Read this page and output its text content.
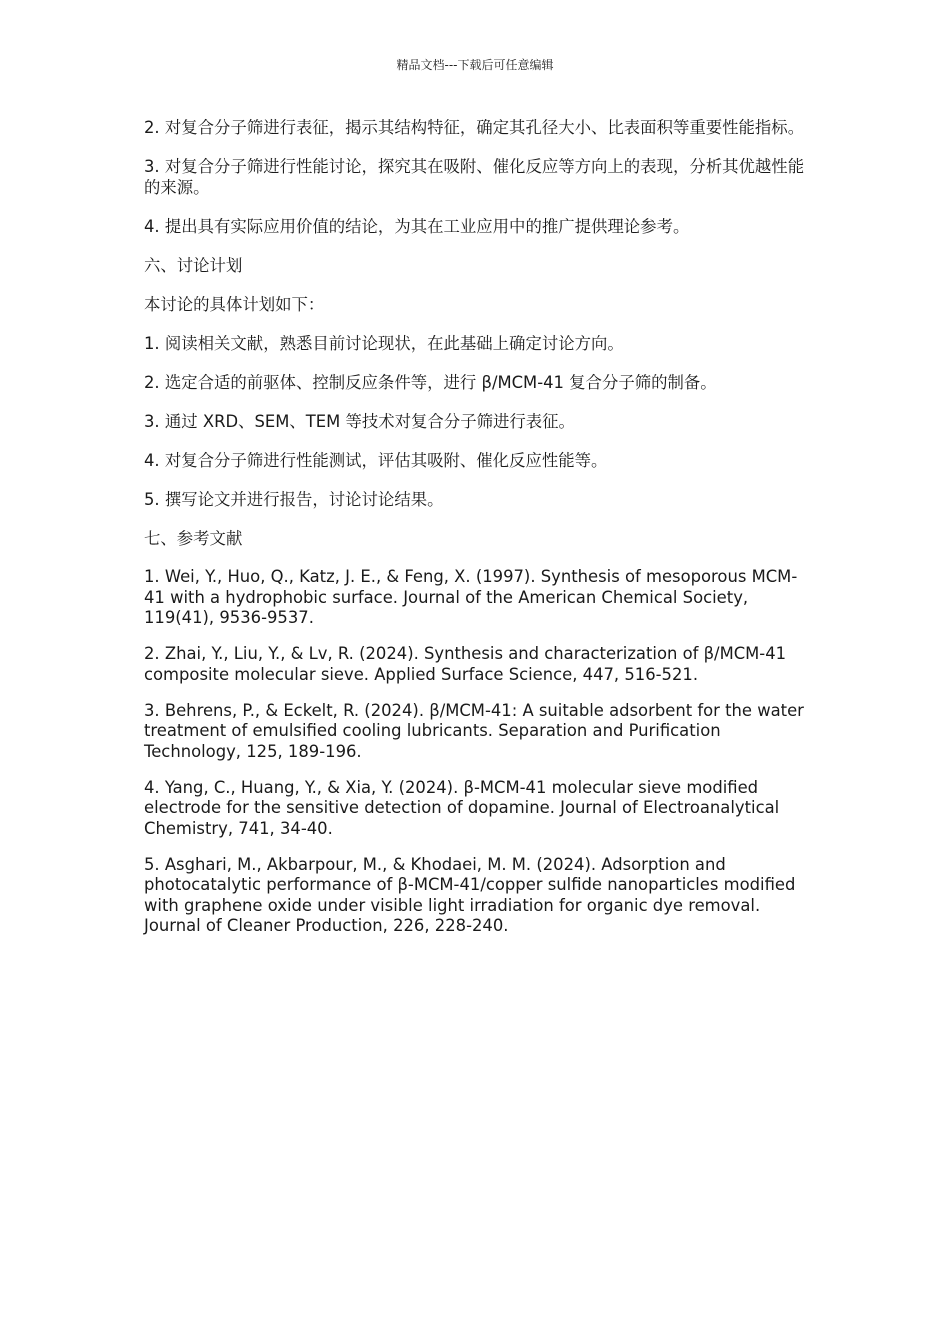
精品文档---下载后可任意编辑

2. 对复合分子筛进行表征，揭示其结构特征，确定其孔径大小、比表面积等重要性能指标。

3. 对复合分子筛进行性能讨论，探究其在吸附、催化反应等方向上的表现，分析其优越性能的来源。

4. 提出具有实际应用价值的结论，为其在工业应用中的推广提供理论参考。

六、讨论计划

本讨论的具体计划如下：

1. 阅读相关文献，熟悉目前讨论现状，在此基础上确定讨论方向。

2. 选定合适的前驱体、控制反应条件等，进行 β/MCM-41 复合分子筛的制备。

3. 通过 XRD、SEM、TEM 等技术对复合分子筛进行表征。

4. 对复合分子筛进行性能测试，评估其吸附、催化反应性能等。

5. 撰写论文并进行报告，讨论讨论结果。

七、参考文献

1. Wei, Y., Huo, Q., Katz, J. E., & Feng, X. (1997). Synthesis of mesoporous MCM-41 with a hydrophobic surface. Journal of the American Chemical Society, 119(41), 9536-9537.

2. Zhai, Y., Liu, Y., & Lv, R. (2024). Synthesis and characterization of β/MCM-41 composite molecular sieve. Applied Surface Science, 447, 516-521.

3. Behrens, P., & Eckelt, R. (2024). β/MCM-41: A suitable adsorbent for the water treatment of emulsified cooling lubricants. Separation and Purification Technology, 125, 189-196.

4. Yang, C., Huang, Y., & Xia, Y. (2024). β-MCM-41 molecular sieve modified electrode for the sensitive detection of dopamine. Journal of Electroanalytical Chemistry, 741, 34-40.

5. Asghari, M., Akbarpour, M., & Khodaei, M. M. (2024). Adsorption and photocatalytic performance of β-MCM-41/copper sulfide nanoparticles modified with graphene oxide under visible light irradiation for organic dye removal. Journal of Cleaner Production, 226, 228-240.
